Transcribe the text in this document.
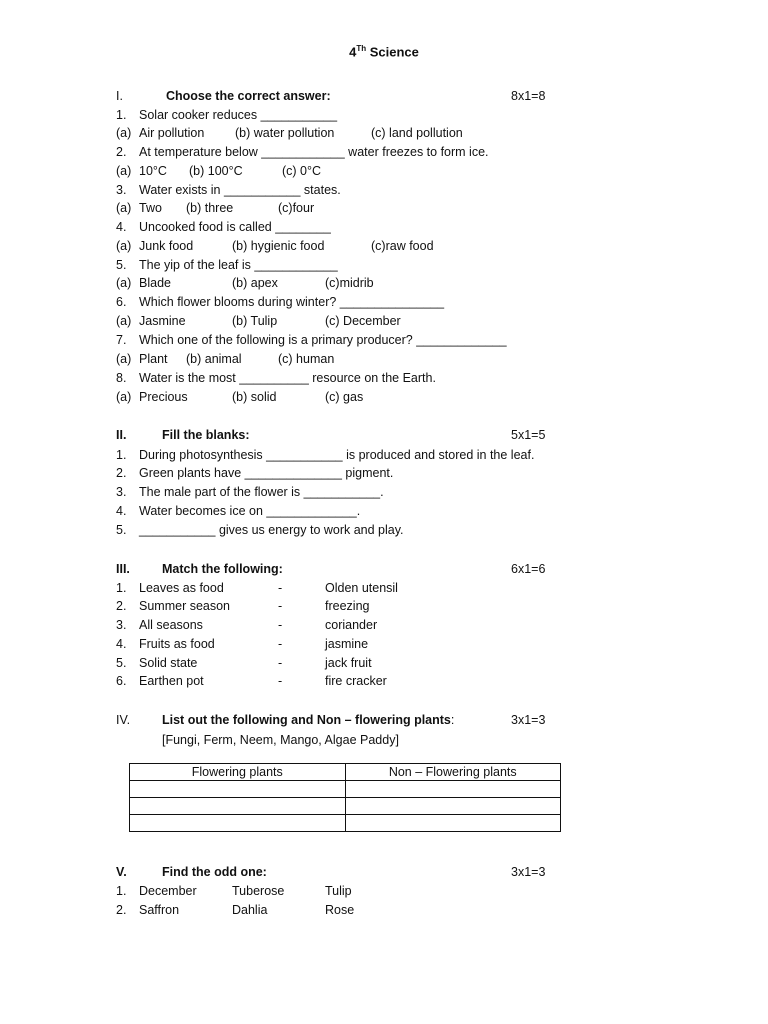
4Th Science
I.	Choose the correct answer:	8x1=8
1. Solar cooker reduces ___________
(a) Air pollution (b) water pollution	(c) land pollution
2. At temperature below ____________ water freezes to form ice.
(a) 10°C (b) 100°C	(c) 0°C
3. Water exists in ___________ states.
(a) Two (b) three	(c)four
4. Uncooked food is called ________
(a) Junk food	(b) hygienic food	(c)raw food
5. The yip of the leaf is ____________
(a) Blade	(b) apex	(c)midrib
6. Which flower blooms during winter? _______________
(a) Jasmine	(b) Tulip	(c) December
7. Which one of the following is a primary producer? _____________
(a) Plant (b) animal	(c) human
8. Water is the most __________ resource on the Earth.
(a) Precious	(b) solid	(c) gas
II.	Fill the blanks:	5x1=5
1. During photosynthesis ___________ is produced and stored in the leaf.
2. Green plants have ______________ pigment.
3. The male part of the flower is ___________.
4. Water becomes ice on _____________.
5. ___________ gives us energy to work and play.
III.	Match the following:	6x1=6
1. Leaves as food	-	Olden utensil
2. Summer season	-	freezing
3. All seasons	-	coriander
4. Fruits as food	-	jasmine
5. Solid state	-	jack fruit
6. Earthen pot	-	fire cracker
IV.	List out the following and Non – flowering plants:	3x1=3
[Fungi, Ferm, Neem, Mango, Algae Paddy]
Flowering plants	Non – Flowering plants

V.	Find the odd one:	3x1=3
1. December	Tuberose	Tulip
2. Saffron	Dahlia	Rose
